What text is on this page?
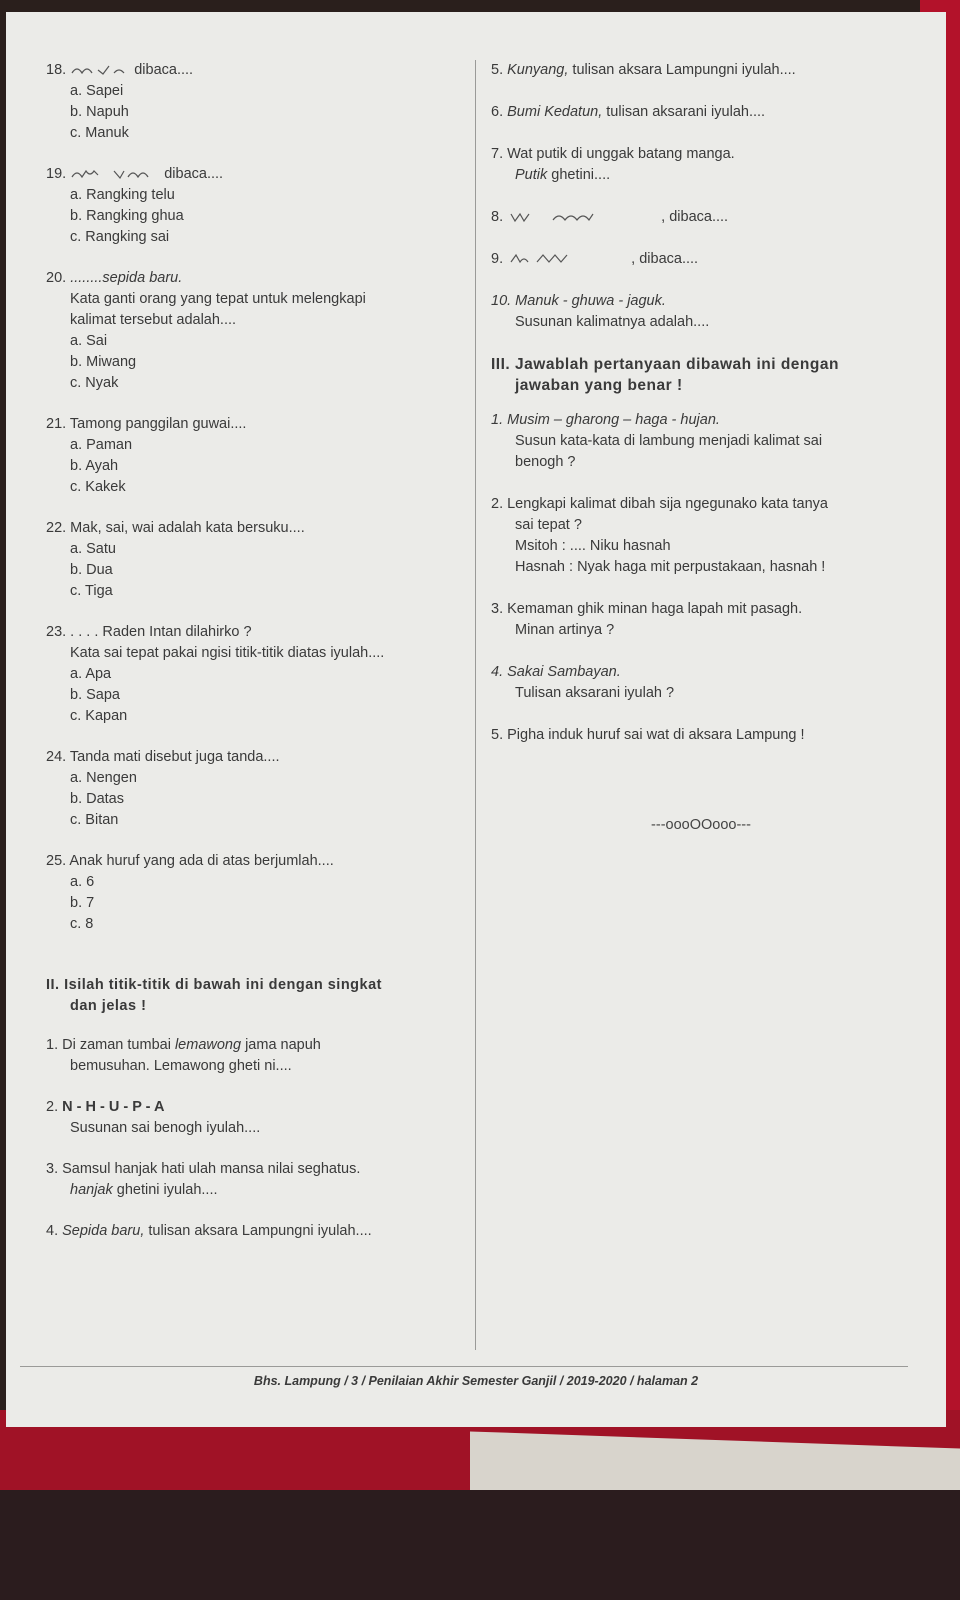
18.	dibaca....

a. Sapei

b. Napuh

c. Manuk

19.	dibaca....

a. Rangking telu

b. Rangking ghua

c. Rangking sai

20. ........sepida baru.

Kata ganti orang yang tepat untuk melengkapi

kalimat tersebut adalah....

a. Sai

b. Miwang

c. Nyak

21. Tamong panggilan guwai....

a. Paman

b. Ayah

c. Kakek

22. Mak, sai, wai adalah kata bersuku....

a. Satu

b. Dua

c. Tiga

23. . . . . Raden Intan dilahirko ?

Kata sai tepat pakai ngisi titik-titik diatas iyulah....

a. Apa

b. Sapa

c. Kapan

24. Tanda mati disebut juga tanda....

a. Nengen

b. Datas

c. Bitan

25. Anak huruf yang ada di atas berjumlah....

a. 6

b. 7

c. 8

II. Isilah titik-titik di bawah ini dengan singkat

dan jelas !

1. Di zaman tumbai lemawong jama napuh

bemusuhan. Lemawong gheti ni....

2. N - H - U - P - A

Susunan sai benogh iyulah....

3. Samsul hanjak hati ulah mansa nilai seghatus.

hanjak ghetini iyulah....

4. Sepida baru, tulisan aksara Lampungni iyulah....

5. Kunyang, tulisan aksara Lampungni iyulah....

6. Bumi Kedatun, tulisan aksarani iyulah....

7. Wat putik di unggak batang manga.

Putik ghetini....

8.	, dibaca....

9.	, dibaca....

10. Manuk - ghuwa - jaguk.

Susunan kalimatnya adalah....

III. Jawablah pertanyaan dibawah ini dengan

jawaban yang benar !

1. Musim – gharong – haga - hujan.

Susun kata-kata di lambung menjadi kalimat sai

benogh ?

2. Lengkapi kalimat dibah sija ngegunako kata tanya

sai tepat ?

Msitoh : .... Niku hasnah

Hasnah : Nyak haga mit perpustakaan, hasnah !

3. Kemaman ghik minan haga lapah mit pasagh.

Minan artinya ?

4. Sakai Sambayan.

Tulisan aksarani iyulah ?

5. Pigha induk huruf sai wat di aksara Lampung !

---oooOOooo---

Bhs. Lampung / 3 / Penilaian Akhir Semester Ganjil / 2019-2020 / halaman 2
